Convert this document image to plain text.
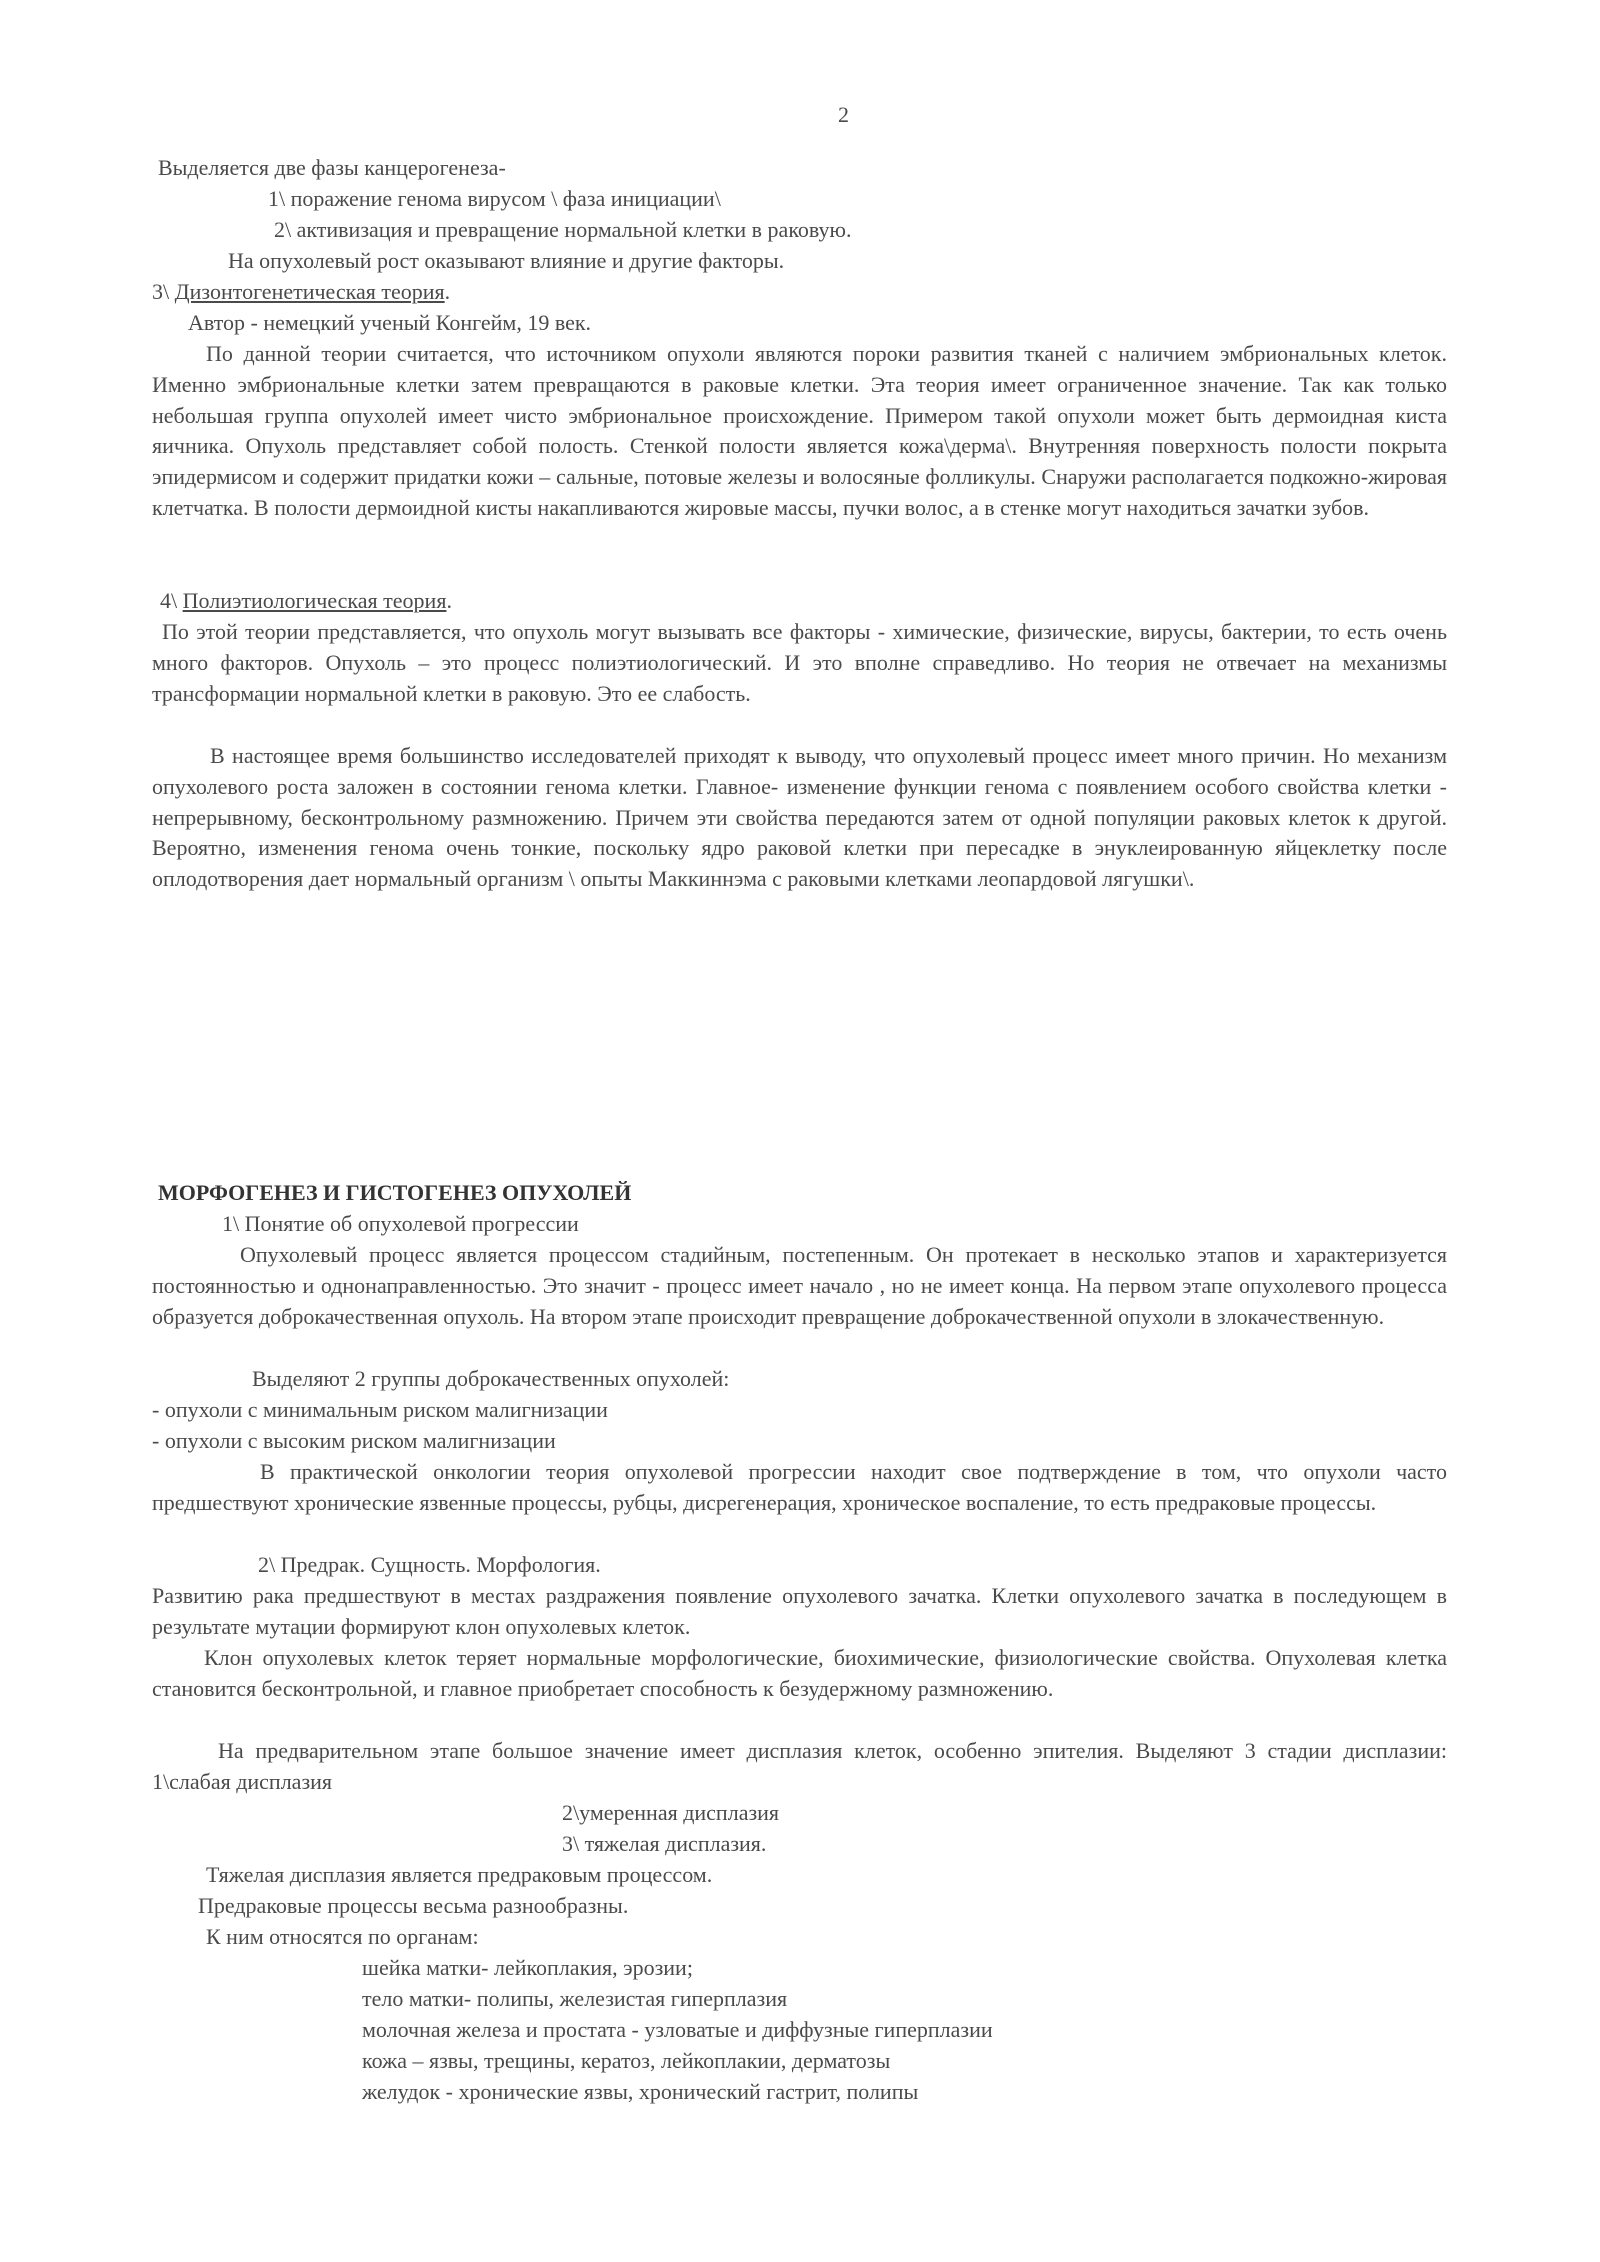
2
Выделяется две фазы канцерогенеза-
1\ поражение генома вирусом \ фаза инициации\
2\ активизация и превращение нормальной клетки в раковую.
На опухолевый рост оказывают влияние и другие факторы.
3\ Дизонтогенетическая теория.
Автор - немецкий ученый Конгейм, 19 век.

По данной теории считается, что источником опухоли являются пороки развития тканей с наличием эмбриональных клеток. Именно эмбриональные клетки затем превращаются в раковые клетки. Эта теория имеет ограниченное значение. Так как только небольшая группа опухолей имеет чисто эмбриональное происхождение. Примером такой опухоли может быть дермоидная киста яичника. Опухоль представляет собой полость. Стенкой полости является кожа\дерма\. Внутренняя поверхность полости покрыта эпидермисом и содержит придатки кожи – сальные, потовые железы и волосяные фолликулы. Снаружи располагается подкожно-жировая клетчатка. В полости дермоидной кисты накапливаются жировые массы, пучки волос, а в стенке могут находиться зачатки зубов.

4\ Полиэтиологическая теория.

По этой теории представляется, что опухоль могут вызывать все факторы - химические, физические, вирусы, бактерии, то есть очень много факторов. Опухоль – это процесс полиэтиологический. И это вполне справедливо. Но теория не отвечает на механизмы трансформации нормальной клетки в раковую. Это ее слабость.

В настоящее время большинство исследователей приходят к выводу, что опухолевый процесс имеет много причин. Но механизм опухолевого роста заложен в состоянии генома клетки. Главное- изменение функции генома с появлением особого свойства клетки - непрерывному, бесконтрольному размножению. Причем эти свойства передаются затем от одной популяции раковых клеток к другой. Вероятно, изменения генома очень тонкие, поскольку ядро раковой клетки при пересадке в энуклеированную яйцеклетку после оплодотворения дает нормальный организм \ опыты Маккиннэма с раковыми клетками леопардовой лягушки\.

МОРФОГЕНЕЗ И ГИСТОГЕНЕЗ ОПУХОЛЕЙ
1\ Понятие об опухолевой прогрессии

Опухолевый процесс является процессом стадийным, постепенным. Он протекает в несколько этапов и характеризуется постоянностью и однонаправленностью. Это значит - процесс имеет начало , но не имеет конца. На первом этапе опухолевого процесса образуется доброкачественная опухоль. На втором этапе происходит превращение доброкачественной опухоли в злокачественную.

Выделяют 2 группы доброкачественных опухолей:
- опухоли с минимальным риском малигнизации
- опухоли с высоким риском малигнизации

В практической онкологии теория опухолевой прогрессии находит свое подтверждение в том, что опухоли часто предшествуют хронические язвенные процессы, рубцы, дисрегенерация, хроническое воспаление, то есть предраковые процессы.

2\ Предрак. Сущность. Морфология.

Развитию рака предшествуют в местах раздражения появление опухолевого зачатка. Клетки опухолевого зачатка в последующем в результате мутации формируют клон опухолевых клеток.

Клон опухолевых клеток теряет нормальные морфологические, биохимические, физиологические свойства. Опухолевая клетка становится бесконтрольной, и главное приобретает способность к безудержному размножению.

На предварительном этапе большое значение имеет дисплазия клеток, особенно эпителия. Выделяют 3 стадии дисплазии: 1\слабая дисплазия

2\умеренная дисплазия
3\ тяжелая дисплазия.
Тяжелая дисплазия является предраковым процессом.
Предраковые процессы весьма разнообразны.
К ним относятся по органам:
шейка матки- лейкоплакия, эрозии;
тело матки- полипы, железистая гиперплазия
молочная железа и простата - узловатые и диффузные гиперплазии
кожа – язвы, трещины, кератоз, лейкоплакии, дерматозы
желудок - хронические язвы, хронический гастрит, полипы
